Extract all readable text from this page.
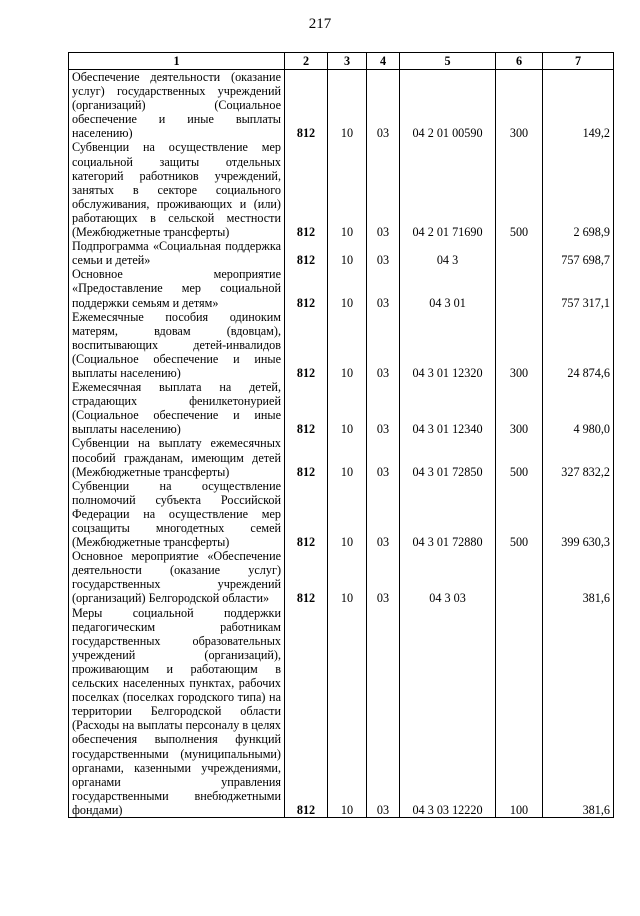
217
1	2	3	4	5	6	7
Обеспечение деятельности (оказание услуг) государственных учреждений (организаций) (Социальное обеспечение и иные выплаты населению)	812	10	03	04 2 01 00590	300	149,2
Субвенции на осуществление мер социальной защиты отдельных категорий работников учреждений, занятых в секторе социального обслуживания, проживающих и (или) работающих в сельской местности (Межбюджетные трансферты)	812	10	03	04 2 01 71690	500	2 698,9
Подпрограмма «Социальная поддержка семьи и детей»	812	10	03	04 3		757 698,7
Основное мероприятие «Предоставление мер социальной поддержки семьям и детям»	812	10	03	04 3 01		757 317,1
Ежемесячные пособия одиноким матерям, вдовам (вдовцам), воспитывающих детей-инвалидов (Социальное обеспечение и иные выплаты населению)	812	10	03	04 3 01 12320	300	24 874,6
Ежемесячная выплата на детей, страдающих фенилкетонурией (Социальное обеспечение и иные выплаты населению)	812	10	03	04 3 01 12340	300	4 980,0
Субвенции на выплату ежемесячных пособий гражданам, имеющим детей (Межбюджетные трансферты)	812	10	03	04 3 01 72850	500	327 832,2
Субвенции на осуществление полномочий субъекта Российской Федерации на осуществление мер соцзащиты многодетных семей (Межбюджетные трансферты)	812	10	03	04 3 01 72880	500	399 630,3
Основное мероприятие «Обеспечение деятельности (оказание услуг) государственных учреждений (организаций) Белгородской области»	812	10	03	04 3 03		381,6
Меры социальной поддержки педагогическим работникам государственных образовательных учреждений (организаций), проживающим и работающим в сельских населенных пунктах, рабочих поселках (поселках городского типа) на территории Белгородской области (Расходы на выплаты персоналу в целях обеспечения выполнения функций государственными (муниципальными) органами, казенными учреждениями, органами управления государственными внебюджетными фондами)	812	10	03	04 3 03 12220	100	381,6
